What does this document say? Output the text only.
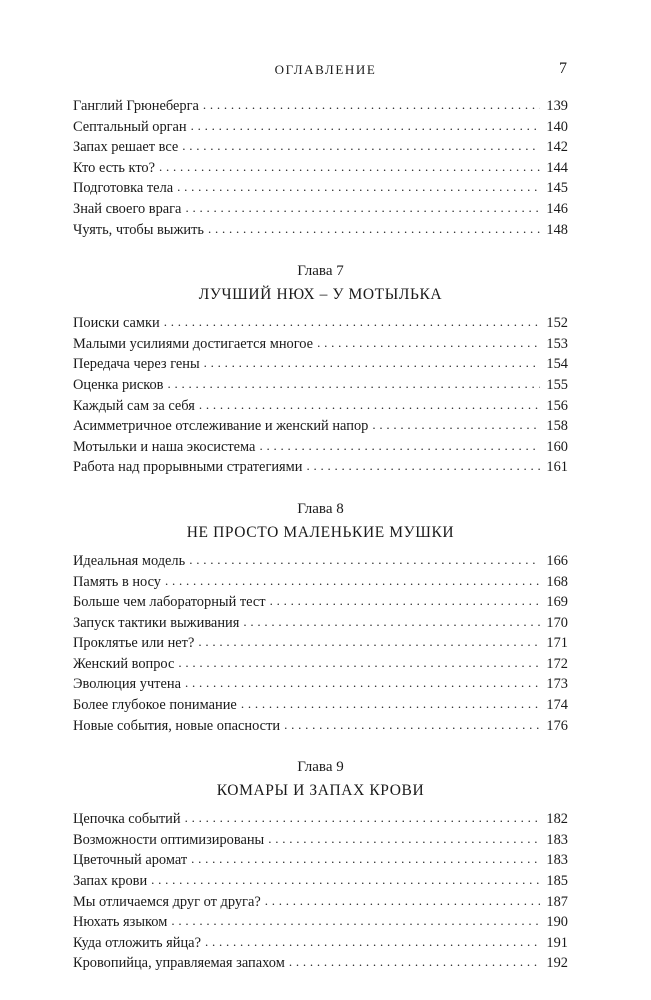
ОГЛАВЛЕНИЕ	7
Ганглий Грюнеберга . . .	139
Септальный орган . . .	140
Запах решает все . . .	142
Кто есть кто? . . .	144
Подготовка тела . . .	145
Знай своего врага . . .	146
Чуять, чтобы выжить . . .	148
Глава 7
ЛУЧШИЙ НЮХ – У МОТЫЛЬКА
Поиски самки . . .	152
Малыми усилиями достигается многое . . .	153
Передача через гены . . .	154
Оценка рисков . . .	155
Каждый сам за себя . . .	156
Асимметричное отслеживание и женский напор . . .	158
Мотыльки и наша экосистема . . .	160
Работа над прорывными стратегиями . . .	161
Глава 8
НЕ ПРОСТО МАЛЕНЬКИЕ МУШКИ
Идеальная модель . . .	166
Память в носу . . .	168
Больше чем лабораторный тест . . .	169
Запуск тактики выживания . . .	170
Проклятье или нет? . . .	171
Женский вопрос . . .	172
Эволюция учтена . . .	173
Более глубокое понимание . . .	174
Новые события, новые опасности . . .	176
Глава 9
КОМАРЫ И ЗАПАХ КРОВИ
Цепочка событий . . .	182
Возможности оптимизированы . . .	183
Цветочный аромат . . .	183
Запах крови . . .	185
Мы отличаемся друг от друга? . . .	187
Нюхать языком . . .	190
Куда отложить яйца? . . .	191
Кровопийца, управляемая запахом . . .	192
